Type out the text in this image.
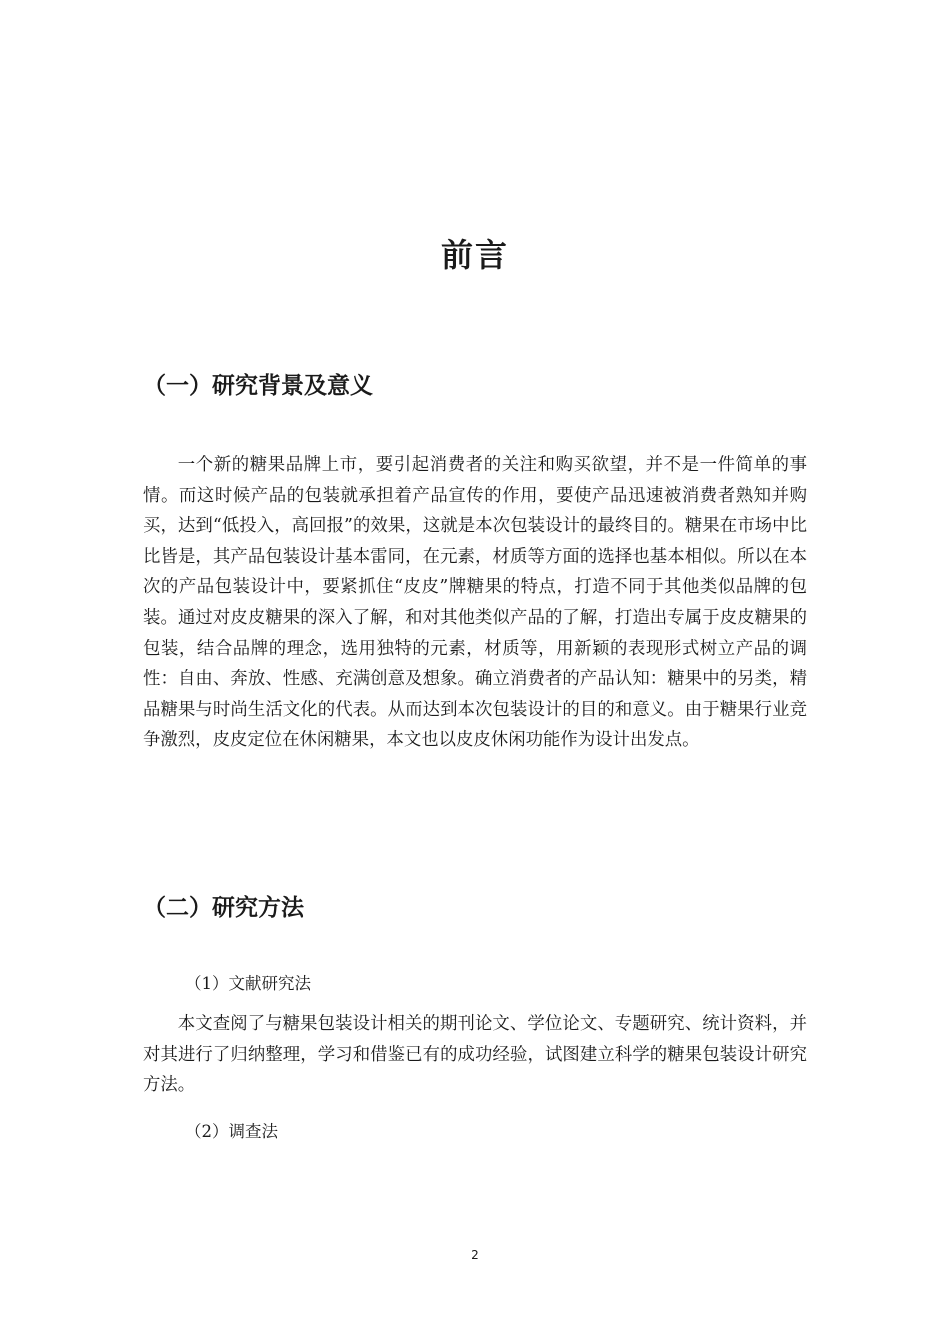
前言
（一）研究背景及意义

一个新的糖果品牌上市，要引起消费者的关注和购买欲望，并不是一件简单的事情。而这时候产品的包装就承担着产品宣传的作用，要使产品迅速被消费者熟知并购买，达到“低投入，高回报”的效果，这就是本次包装设计的最终目的。糖果在市场中比比皆是，其产品包装设计基本雷同，在元素，材质等方面的选择也基本相似。所以在本次的产品包装设计中，要紧抓住“皮皮”牌糖果的特点，打造不同于其他类似品牌的包装。通过对皮皮糖果的深入了解，和对其他类似产品的了解，打造出专属于皮皮糖果的包装，结合品牌的理念，选用独特的元素，材质等，用新颖的表现形式树立产品的调性：自由、奔放、性感、充满创意及想象。确立消费者的产品认知：糖果中的另类，精品糖果与时尚生活文化的代表。从而达到本次包装设计的目的和意义。由于糖果行业竞争激烈，皮皮定位在休闲糖果，本文也以皮皮休闲功能作为设计出发点。

（二）研究方法
（1）文献研究法

本文查阅了与糖果包装设计相关的期刊论文、学位论文、专题研究、统计资料，并对其进行了归纳整理，学习和借鉴已有的成功经验，试图建立科学的糖果包装设计研究方法。

（2）调查法
2
